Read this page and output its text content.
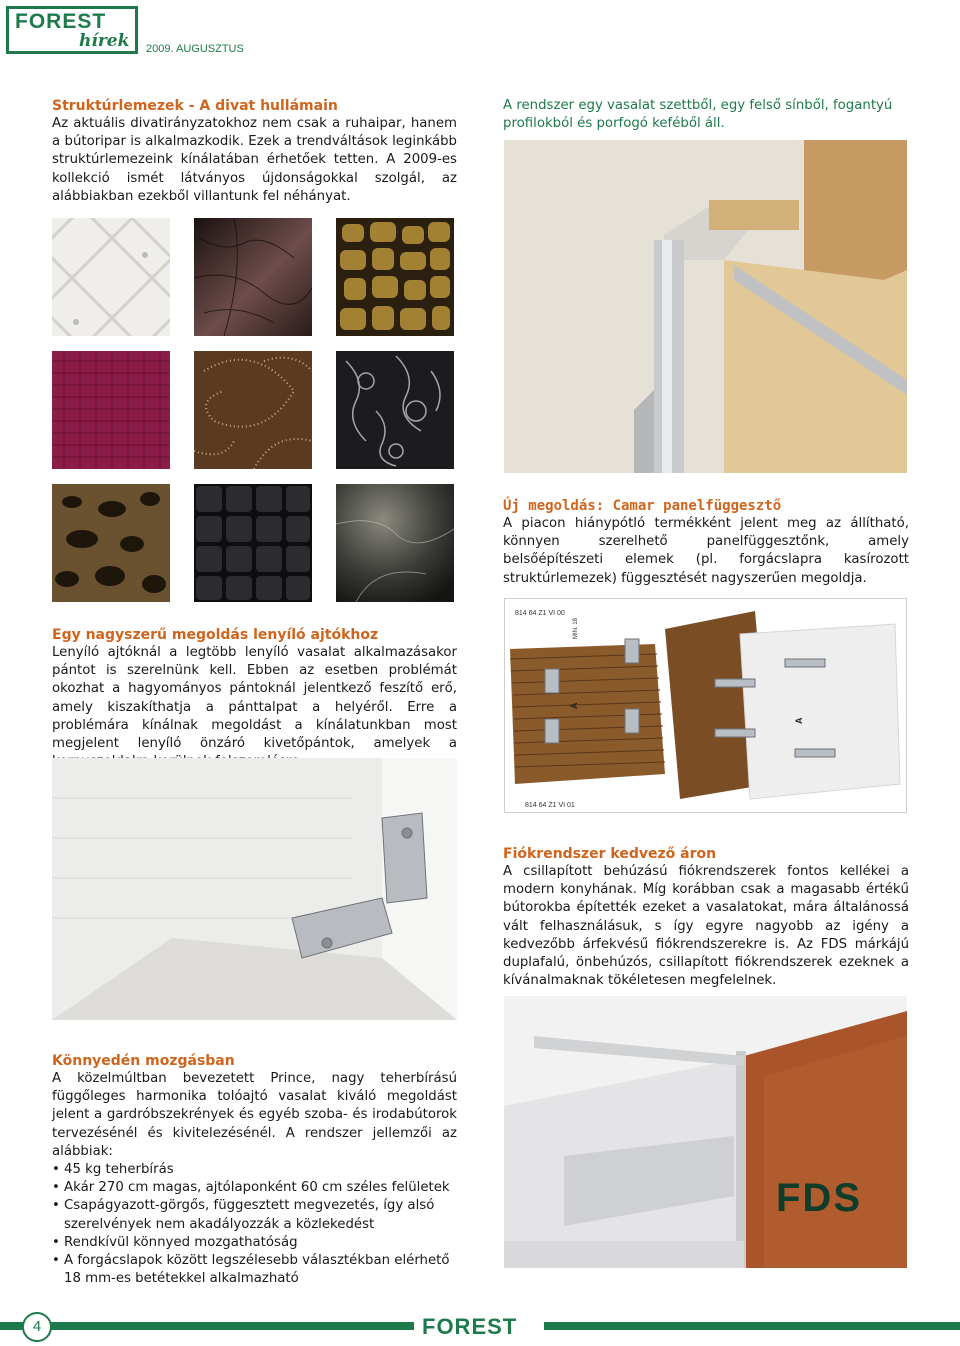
FOREST
hírek 2009. AUGUSZTUS
Struktúrlemezek - A divat hullámain

Az aktuális divatirányzatokhoz nem csak a ruhaipar, hanem a bútoripar is alkalmazkodik. Ezek a trendváltások leginkább struktúrlemezeink kínálatában érhetőek tetten. A 2009-es kollekció ismét látványos újdonságokkal szolgál, az alábbiakban ezekből villantunk fel néhányat.

A rendszer egy vasalat szettből, egy felső sínből, fogantyú profilokból és porfogó keféből áll.

Új megoldás: Camar panelfüggesztő

A piacon hiánypótló termékként jelent meg az állítható, könnyen szerelhető panelfüggesztőnk, amely belsőépítészeti elemek (pl. forgácslapra kasírozott struktúrlemezek) függesztését nagyszerűen megoldja.

814 64 Z1 VI 00
MIN. 18
A
A
814 64 Z1 VI 01
Egy nagyszerű megoldás lenyíló ajtókhoz

Lenyíló ajtóknál a legtöbb lenyíló vasalat alkalmazásakor pántot is szerelnünk kell. Ebben az esetben problémát okozhat a hagyományos pántoknál jelentkező feszítő erő, amely kiszakíthatja a pánttalpat a helyéről. Erre a problémára kínálnak megoldást a kínálatunkban most megjelent lenyíló önzáró kivetőpántok, amelyek a

Fiókrendszer kedvező áron

A csillapított behúzású fiókrendszerek fontos kellékei a modern konyhának. Míg korábban csak a magasabb értékű bútorokba építették ezeket a vasalatokat, mára általánossá vált felhasználásuk, s így egyre nagyobb az igény a kedvezőbb árfekvésű fiókrendszerekre is. Az FDS márkájú duplafalú, önbehúzós, csillapított fiókrendszerek ezeknek a kívánalmaknak tökéletesen megfelelnek.

Könnyedén mozgásban

A közelmúltban bevezetett Prince, nagy teherbírású függőleges harmonika tolóajtó vasalat kiváló megoldást jelent a gardróbszekrények és egyéb szoba- és irodabútorok tervezésénél és kivitelezésénél. A rendszer jellemzői az alábbiak:

• 45 kg teherbírás
• Akár 270 cm magas, ajtólaponként 60 cm széles felületek
• Csapágyazott-görgős, függesztett megvezetés, így alsó szerelvények nem akadályozzák a közlekedést
• Rendkívül könnyed mozgathatóság
• A forgácslapok között legszélesebb választékban elérhető 18 mm-es betétekkel alkalmazható
FDS
4	FOREST
